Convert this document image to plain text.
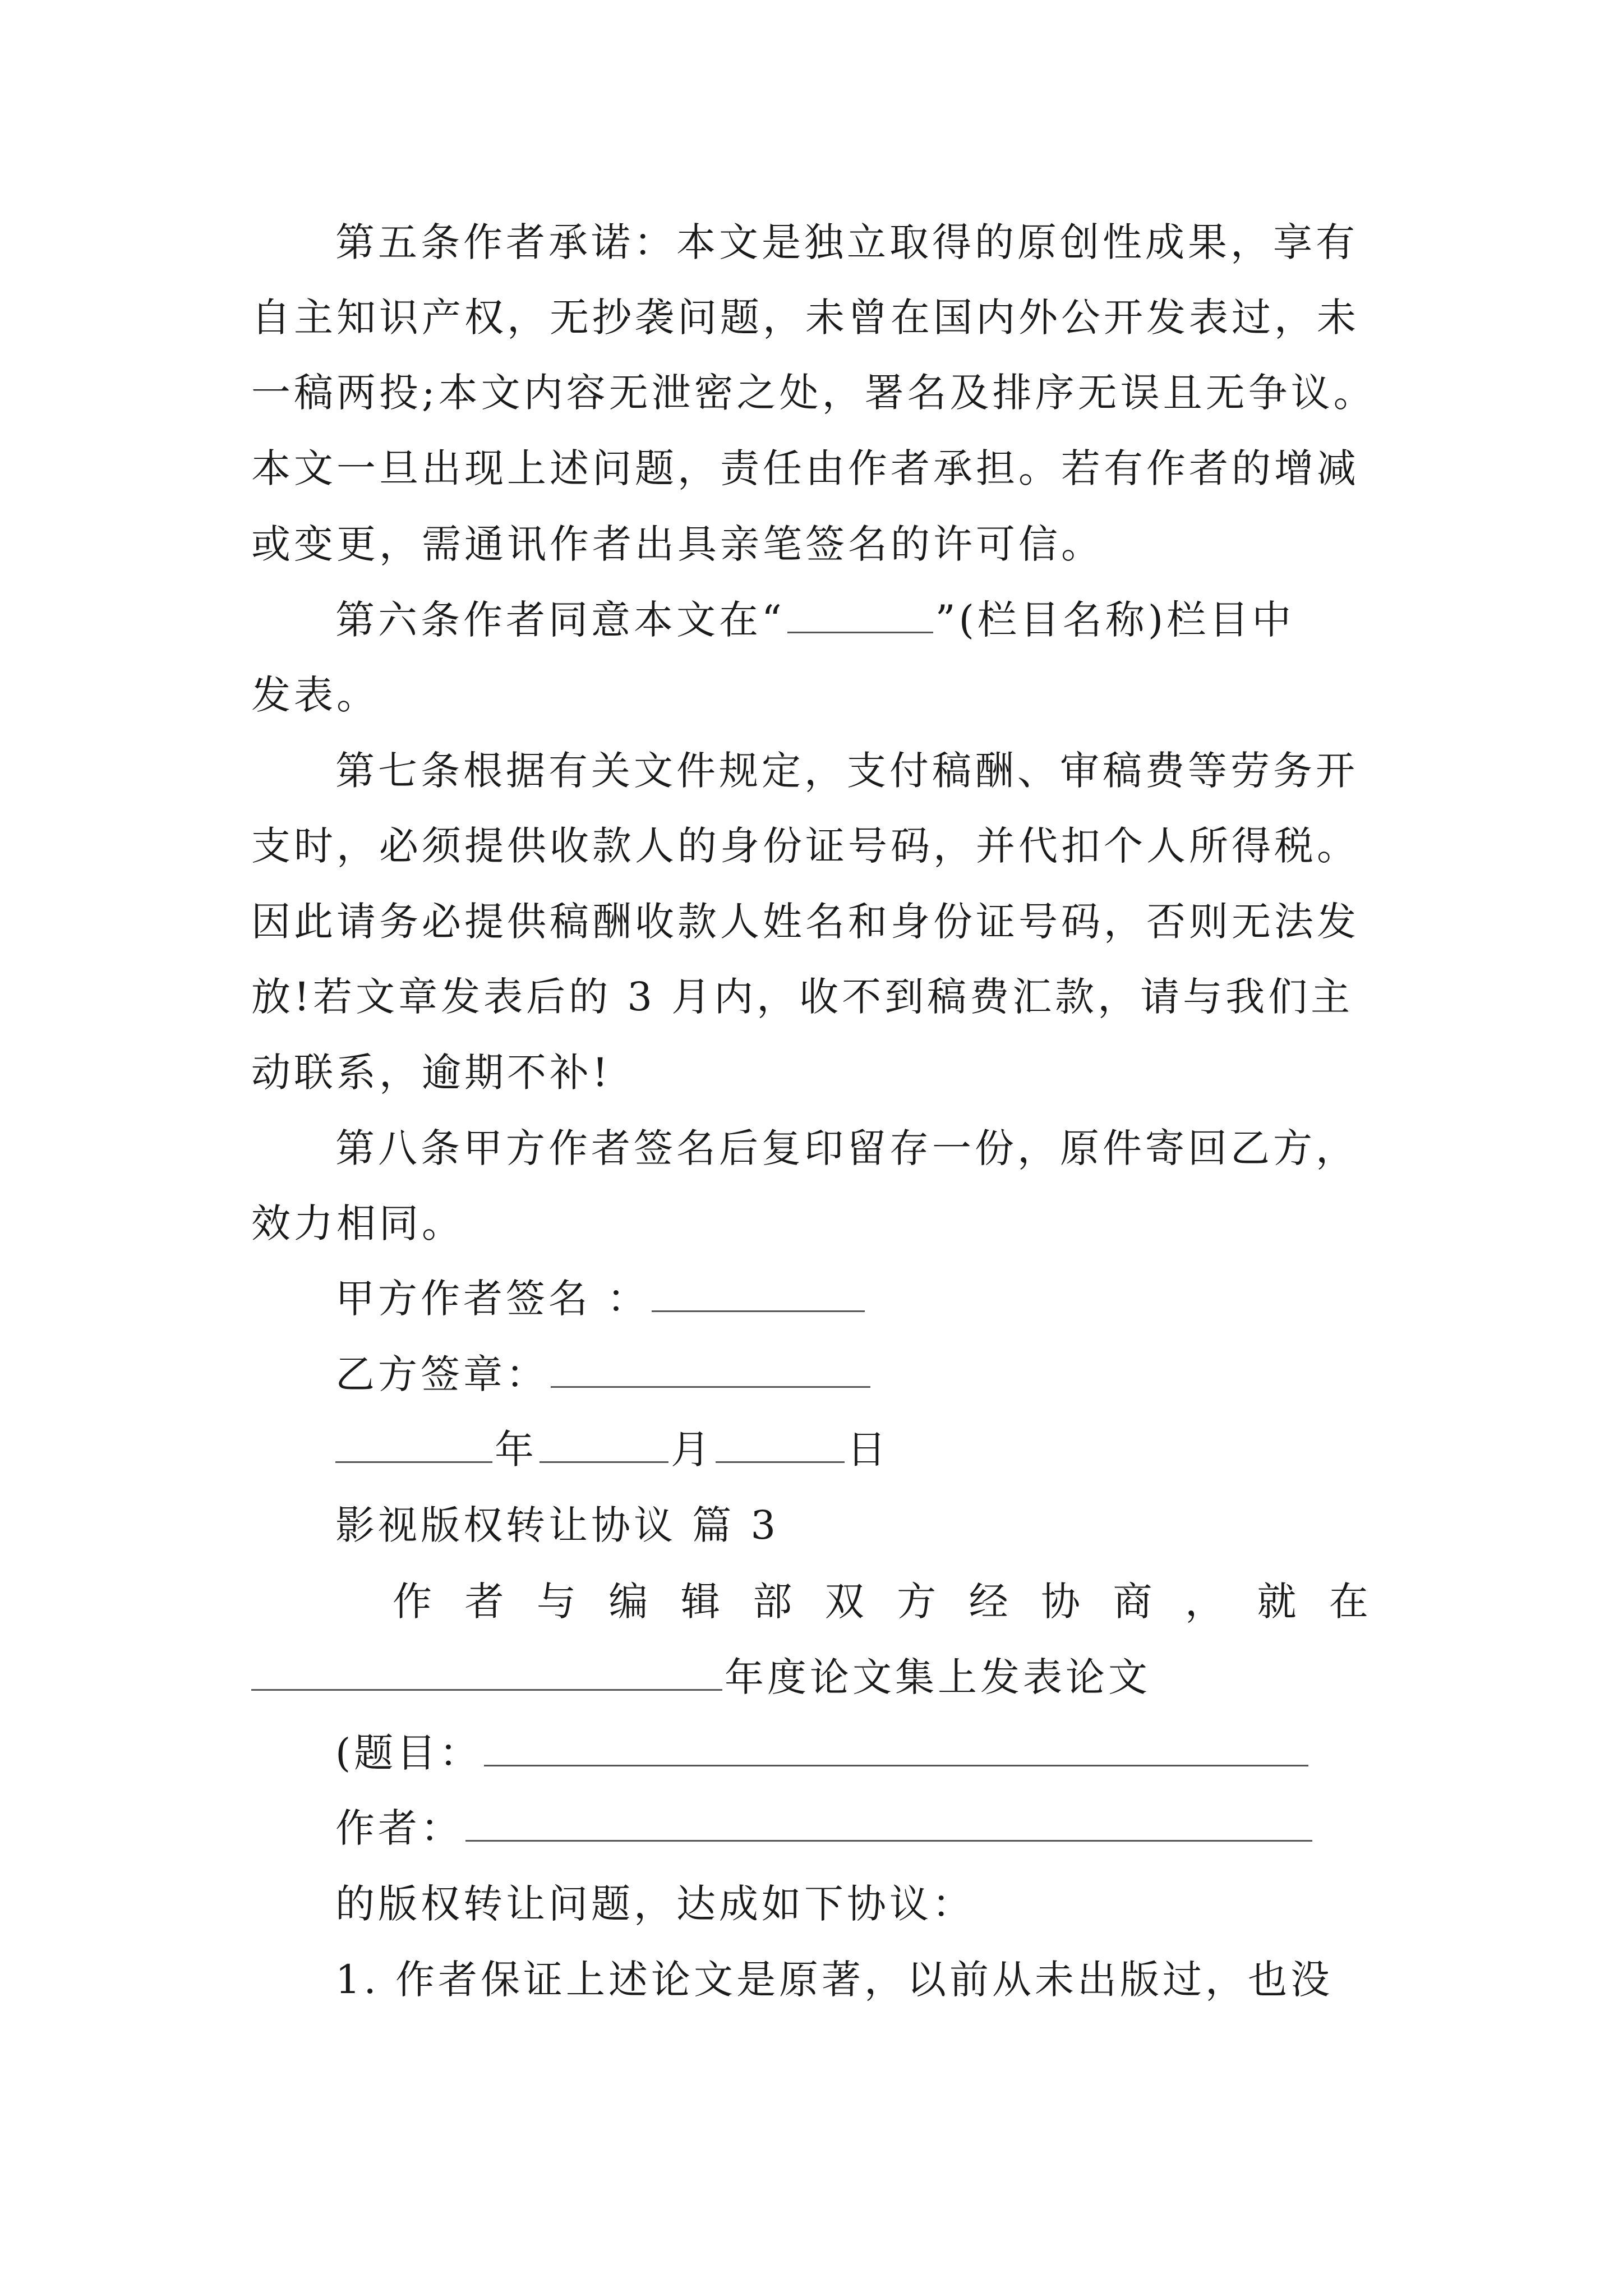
第五条作者承诺：本文是独立取得的原创性成果，享有
自主知识产权，无抄袭问题，未曾在国内外公开发表过，未
一稿两投;本文内容无泄密之处，署名及排序无误且无争议。
本文一旦出现上述问题，责任由作者承担。若有作者的增减
或变更，需通讯作者出具亲笔签名的许可信。
第六条作者同意本文在“	”(栏目名称)栏目中
发表。
第七条根据有关文件规定，支付稿酬、审稿费等劳务开
支时，必须提供收款人的身份证号码，并代扣个人所得税。
因此请务必提供稿酬收款人姓名和身份证号码，否则无法发
放!若文章发表后的 3 月内，收不到稿费汇款，请与我们主
动联系，逾期不补!
第八条甲方作者签名后复印留存一份，原件寄回乙方，
效力相同。
甲方作者签名 ：
乙方签章：
年	月	日
影视版权转让协议 篇 3
作 者 与 编 辑 部 双 方 经 协 商 ， 就 在
年度论文集上发表论文
(题目：
作者：
的版权转让问题，达成如下协议：
1. 作者保证上述论文是原著，以前从未出版过，也没
